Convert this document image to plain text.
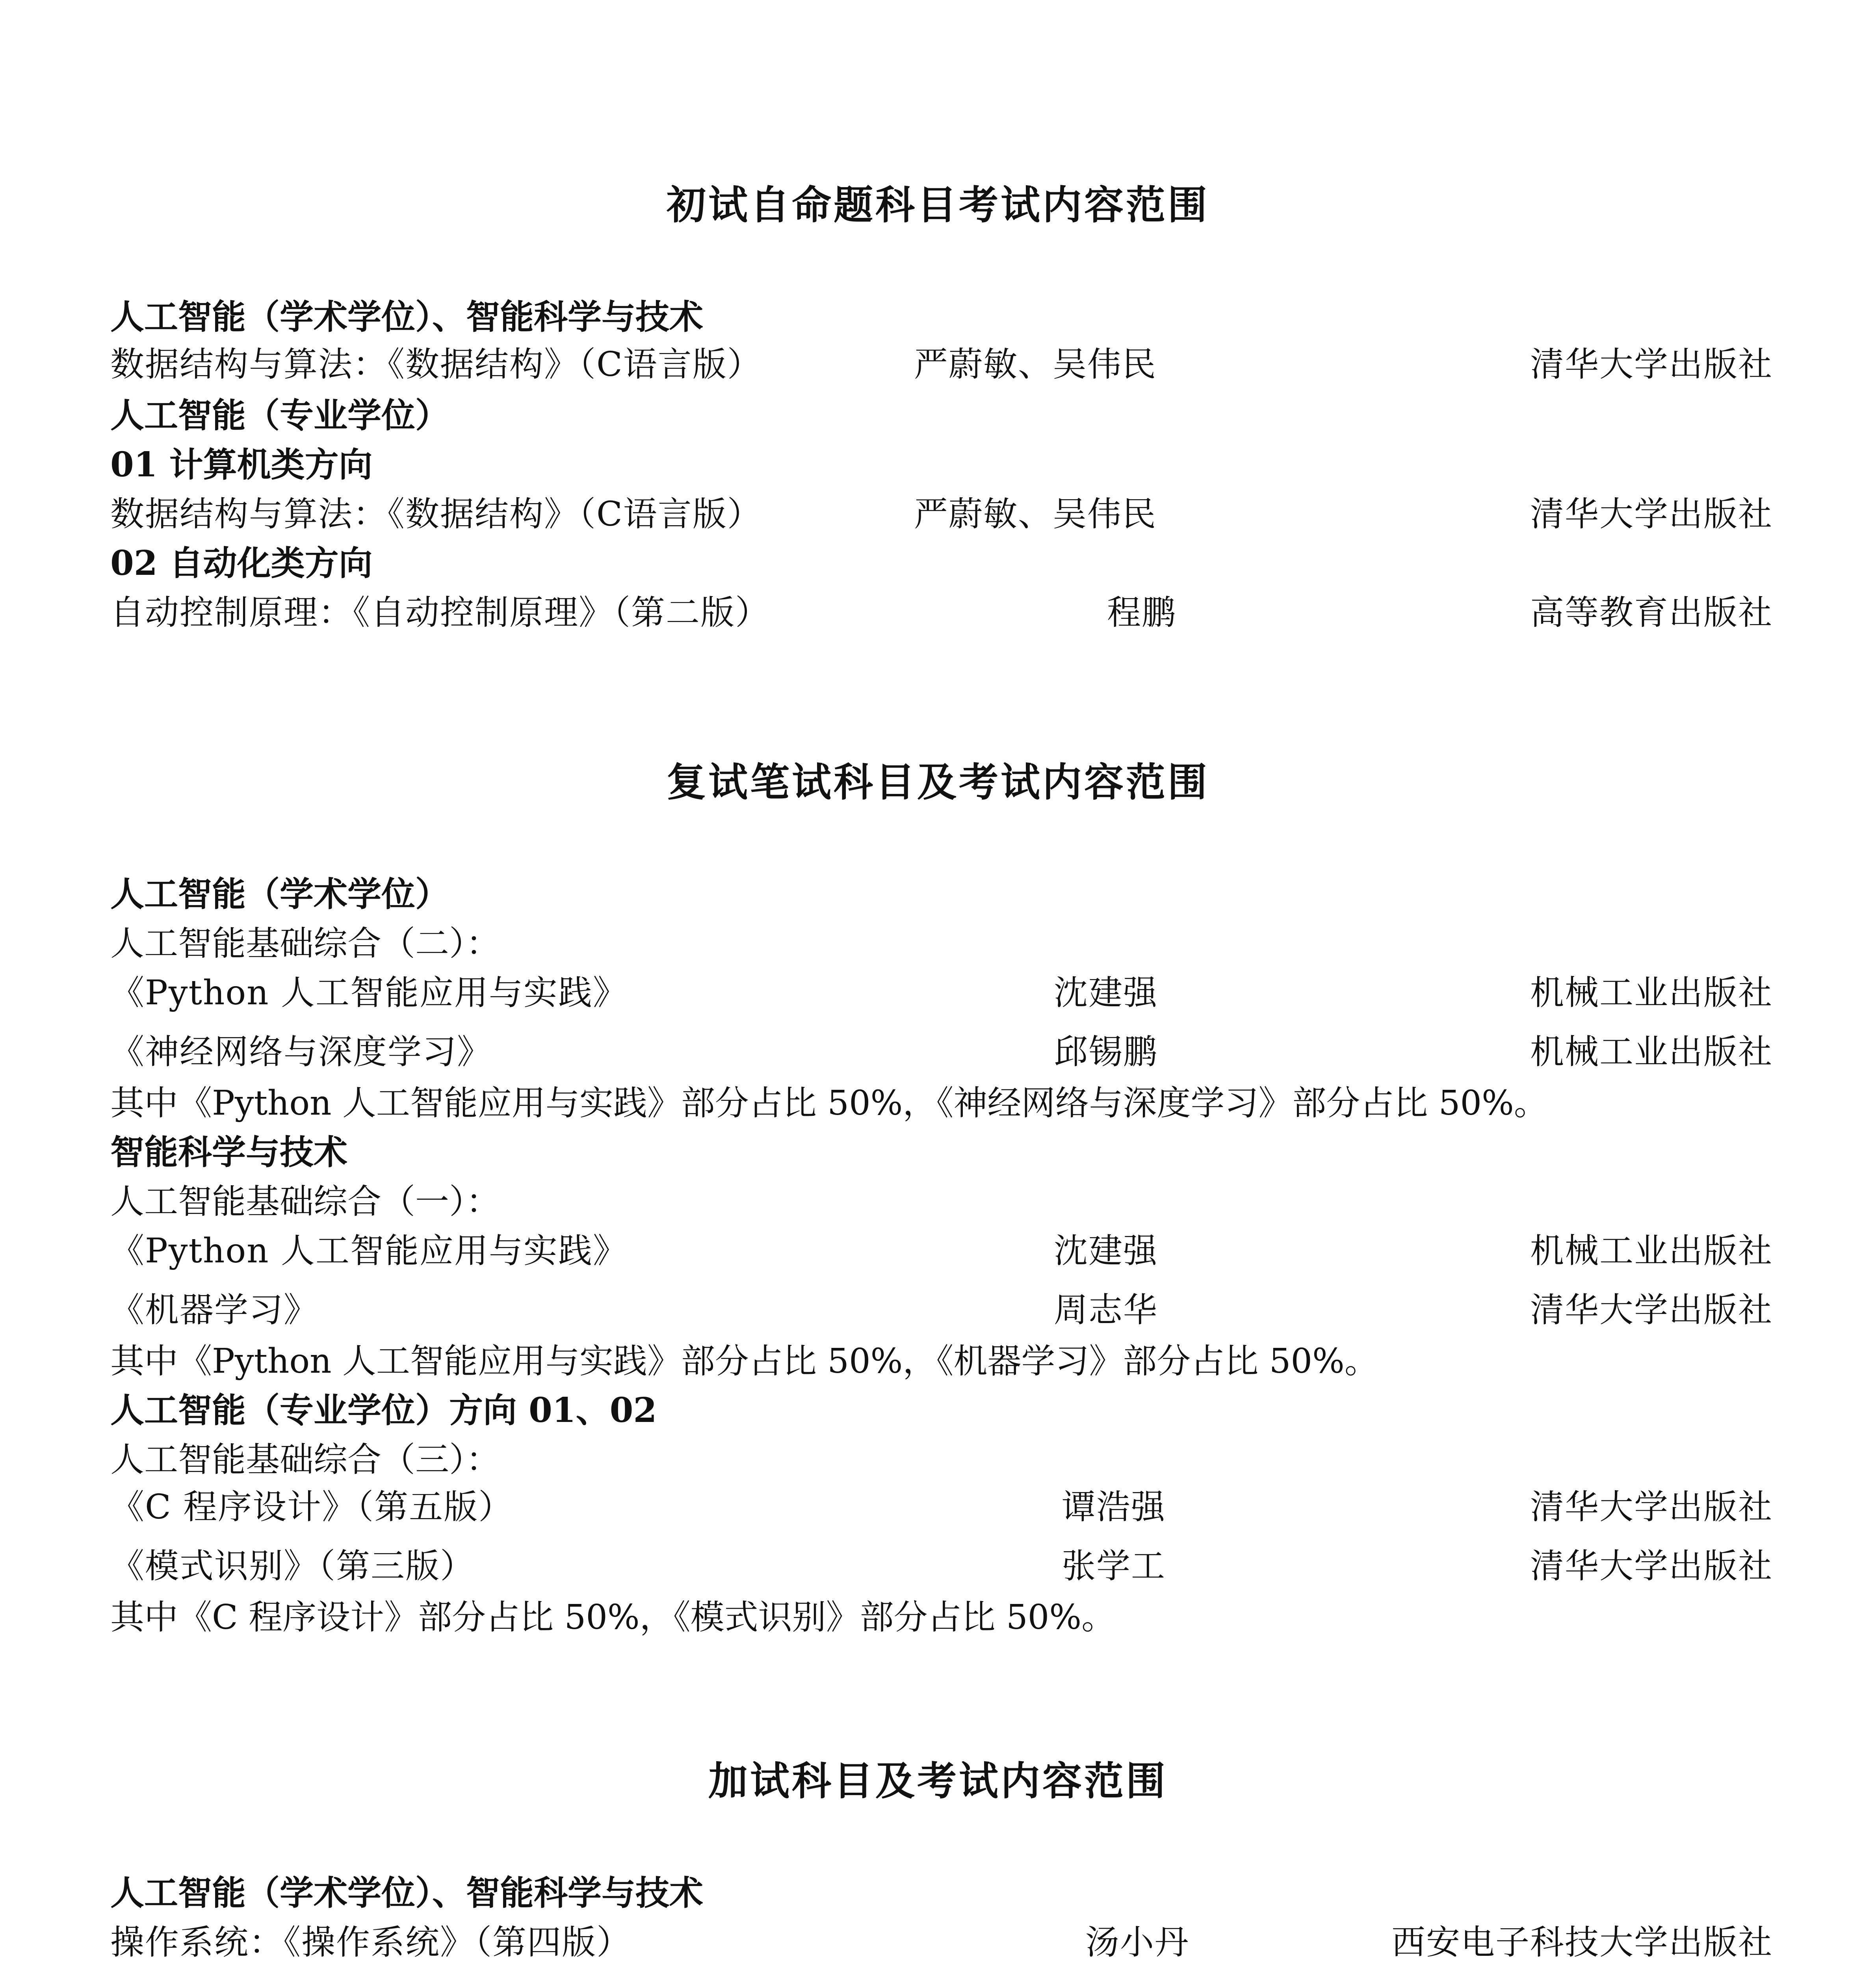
初试自命题科目考试内容范围
人工智能（学术学位）、智能科学与技术
数据结构与算法：《数据结构》（C语言版）	严蔚敏、吴伟民	清华大学出版社
人工智能（专业学位）
01 计算机类方向
数据结构与算法：《数据结构》（C语言版）	严蔚敏、吴伟民	清华大学出版社
02 自动化类方向
自动控制原理：《自动控制原理》（第二版）	程鹏	高等教育出版社
复试笔试科目及考试内容范围
人工智能（学术学位）
人工智能基础综合（二）：
《Python 人工智能应用与实践》	沈建强	机械工业出版社
《神经网络与深度学习》	邱锡鹏	机械工业出版社
其中《Python 人工智能应用与实践》部分占比 50%，《神经网络与深度学习》部分占比 50%。
智能科学与技术
人工智能基础综合（一）：
《Python 人工智能应用与实践》	沈建强	机械工业出版社
《机器学习》	周志华	清华大学出版社
其中《Python 人工智能应用与实践》部分占比 50%，《机器学习》部分占比 50%。
人工智能（专业学位）方向 01、02
人工智能基础综合（三）：
《C 程序设计》（第五版）	谭浩强	清华大学出版社
《模式识别》（第三版）	张学工	清华大学出版社
其中《C 程序设计》部分占比 50%，《模式识别》部分占比 50%。
加试科目及考试内容范围
人工智能（学术学位）、智能科学与技术
操作系统：《操作系统》（第四版）	汤小丹	西安电子科技大学出版社
